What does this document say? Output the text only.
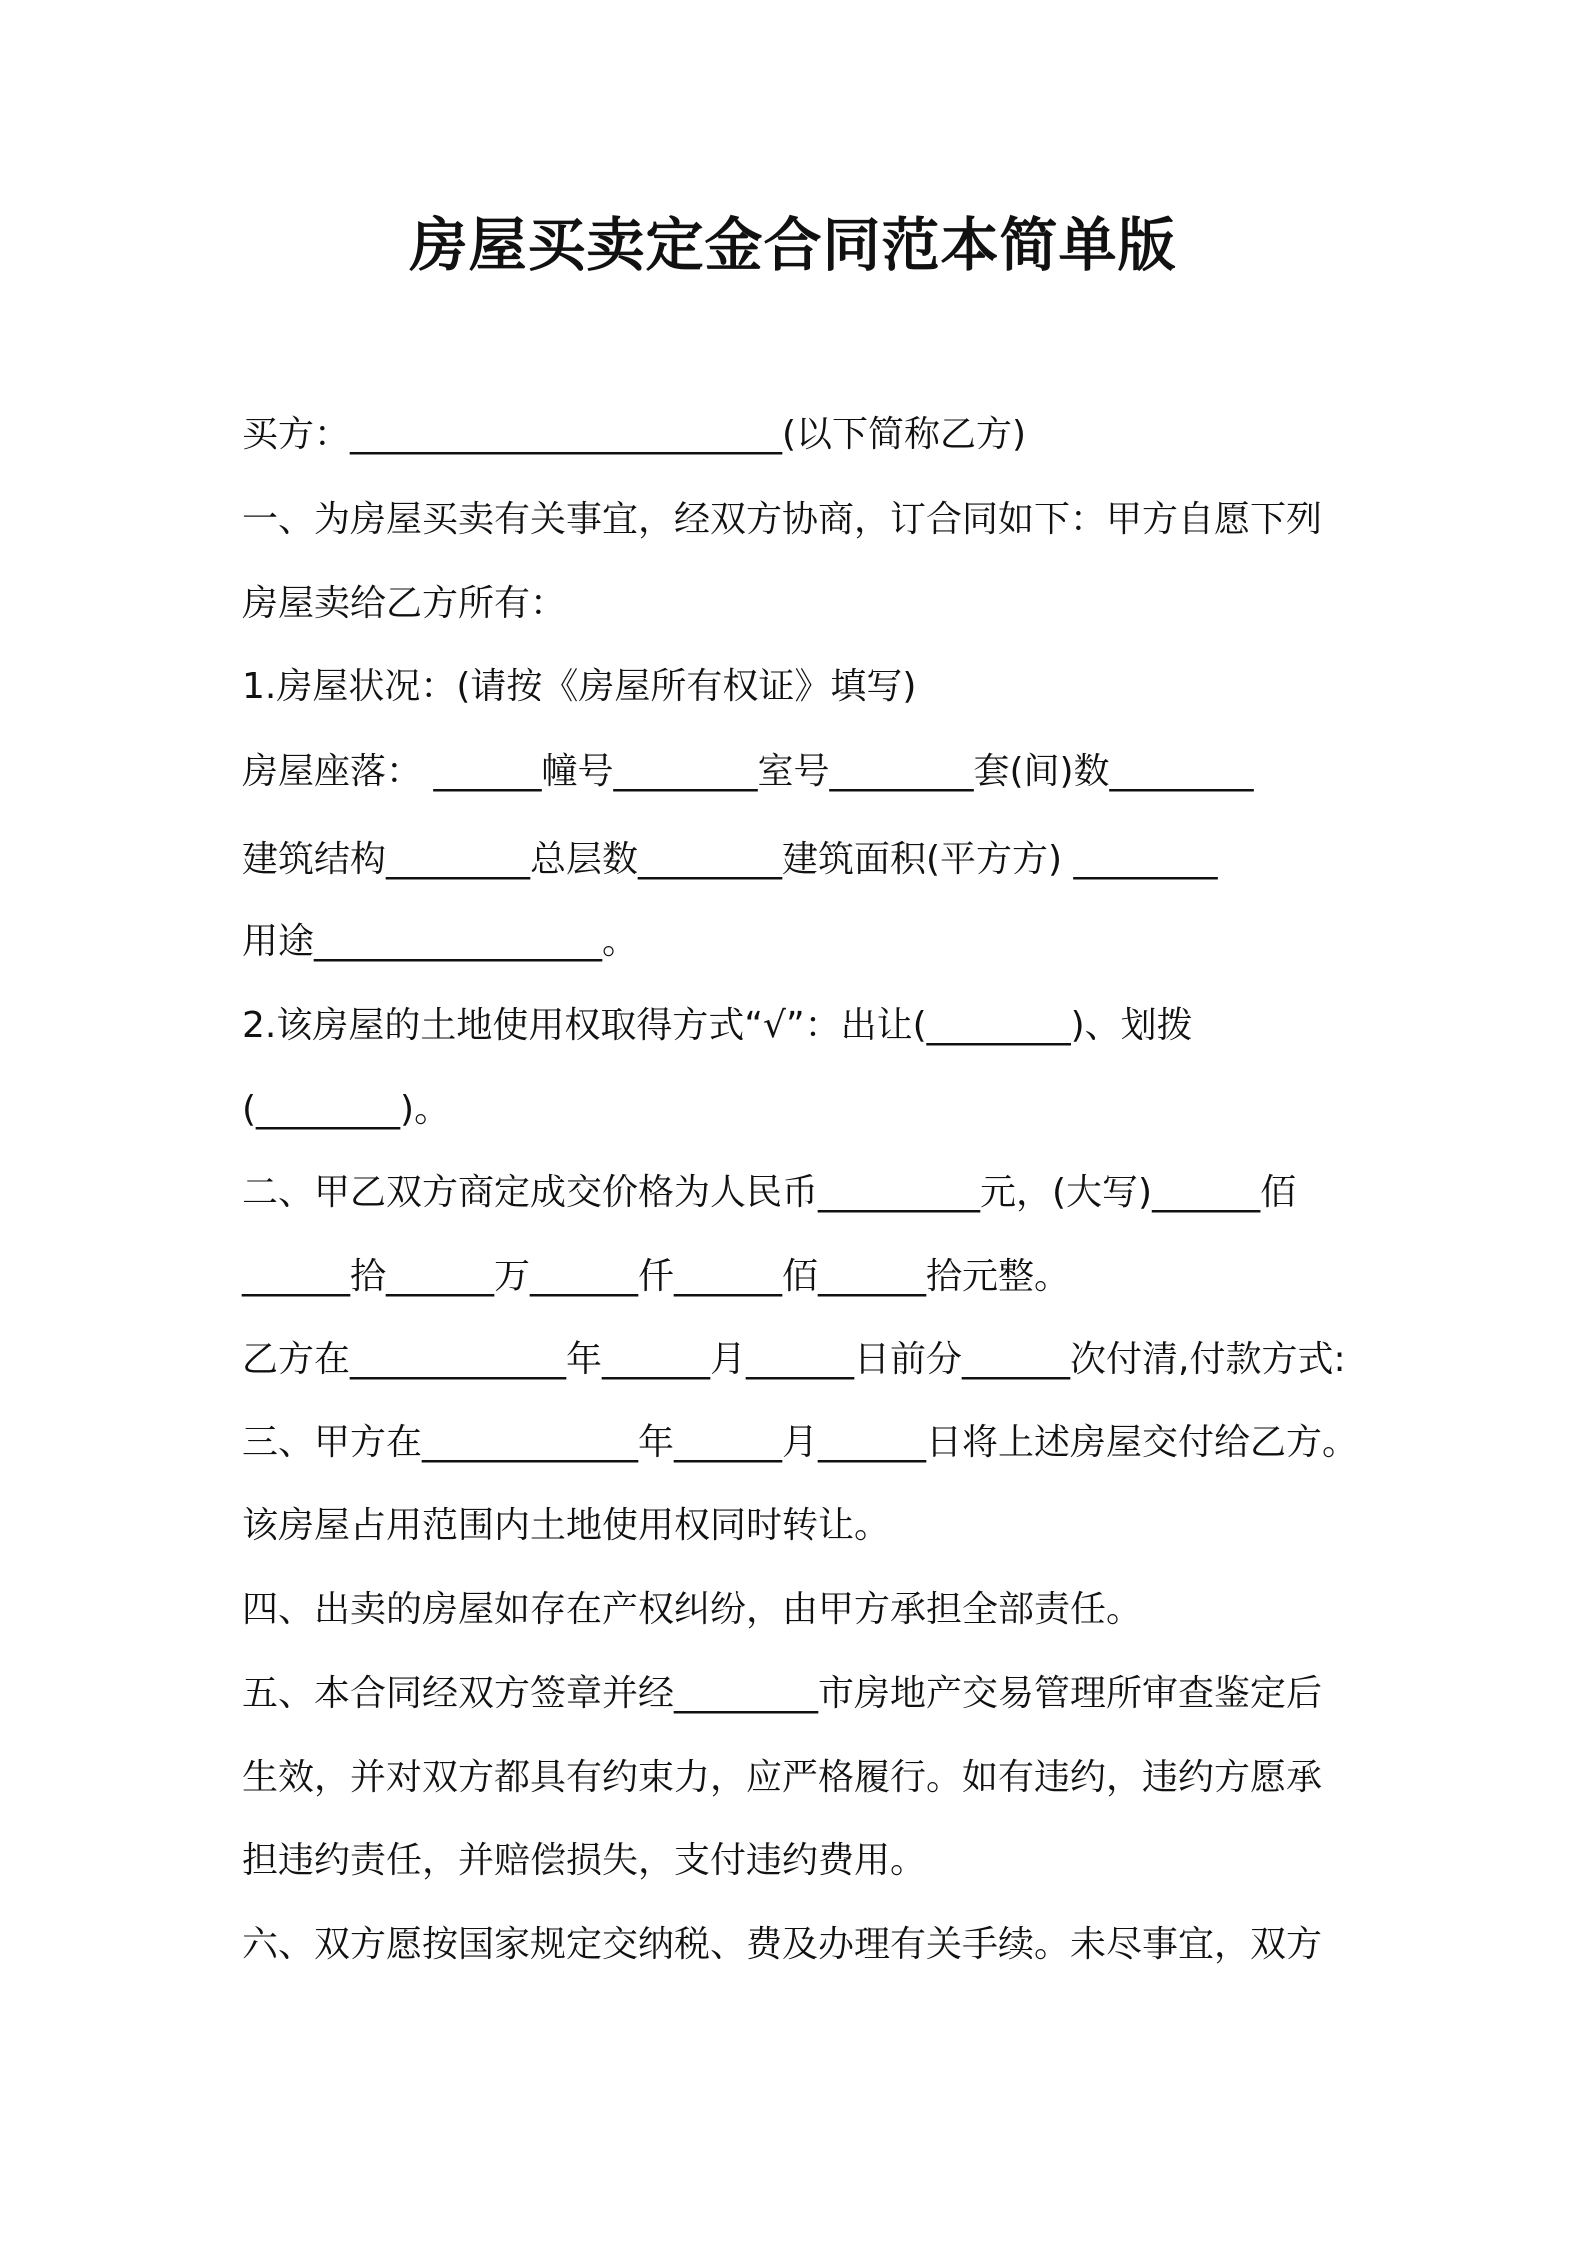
房屋买卖定金合同范本简单版
买方：________________________(以下简称乙方)
一、为房屋买卖有关事宜，经双方协商，订合同如下：甲方自愿下列
房屋卖给乙方所有：
1.房屋状况：(请按《房屋所有权证》填写)
房屋座落： ______幢号________室号________套(间)数________
建筑结构________总层数________建筑面积(平方方) ________
用途________________。
2.该房屋的土地使用权取得方式“√”：出让(________)、划拨
(________)。
二、甲乙双方商定成交价格为人民币_________元，(大写)______佰
______拾______万______仟______佰______拾元整。
乙方在____________年______月______日前分______次付清,付款方式:
三、甲方在____________年______月______日将上述房屋交付给乙方。
该房屋占用范围内土地使用权同时转让。
四、出卖的房屋如存在产权纠纷，由甲方承担全部责任。
五、本合同经双方签章并经________市房地产交易管理所审查鉴定后
生效，并对双方都具有约束力，应严格履行。如有违约，违约方愿承
担违约责任，并赔偿损失，支付违约费用。
六、双方愿按国家规定交纳税、费及办理有关手续。未尽事宜，双方
